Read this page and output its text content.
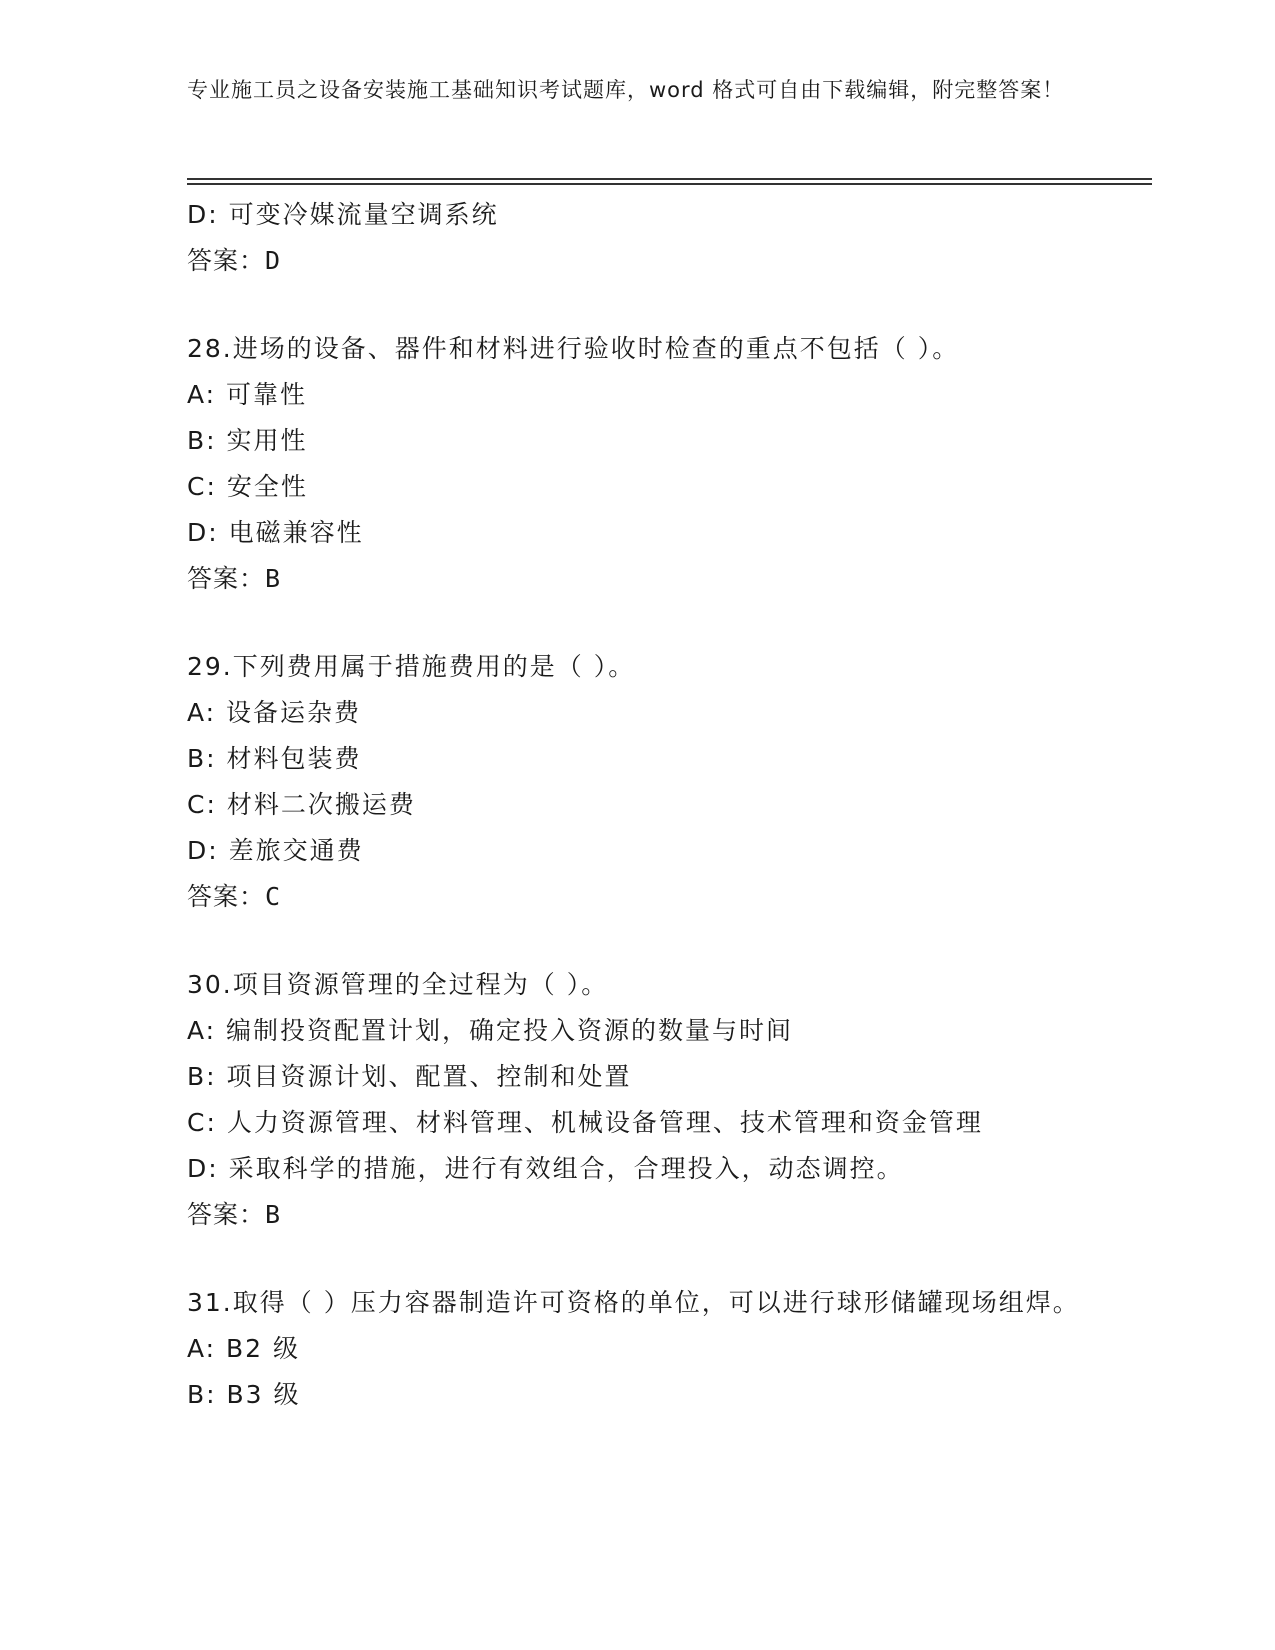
专业施工员之设备安装施工基础知识考试题库，word 格式可自由下载编辑，附完整答案！
D: 可变冷媒流量空调系统
答案：D
28.进场的设备、器件和材料进行验收时检查的重点不包括（ ）。
A: 可靠性
B: 实用性
C: 安全性
D: 电磁兼容性
答案：B
29.下列费用属于措施费用的是（ ）。
A: 设备运杂费
B: 材料包装费
C: 材料二次搬运费
D: 差旅交通费
答案：C
30.项目资源管理的全过程为（ ）。
A: 编制投资配置计划，确定投入资源的数量与时间
B: 项目资源计划、配置、控制和处置
C: 人力资源管理、材料管理、机械设备管理、技术管理和资金管理
D: 采取科学的措施，进行有效组合，合理投入，动态调控。
答案：B
31.取得（ ）压力容器制造许可资格的单位，可以进行球形储罐现场组焊。
A: B2 级
B: B3 级
